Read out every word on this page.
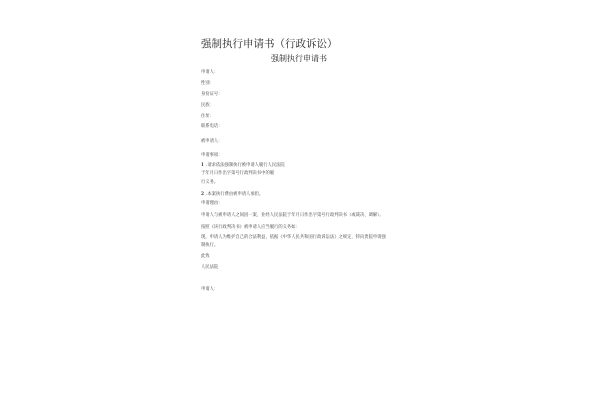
强制执行申请书（行政诉讼）
强制执行申请书
申请人：
性别：
身份证号：
民族：
住址：
联系电话：
被申请人：
申请事项：
1 .请求依法强制执行被申请人履行人民法院
于年月日作出字第号行政判决书中的履
行义务。
2 .本案执行费由被申请人承担。
申请理由：
申请人与被申请人之间因一案，业经人民法院于年月日作出字第号行政判决书（或裁决、调解）。
按照《该行政判决书》被申请人应当履行的义务如：
现，申请人为维护自己的合法利益，依据《中华人民共和国行政诉讼法》之规定，特向贵院申请强
制执行。
此致
人民法院
申请人：
